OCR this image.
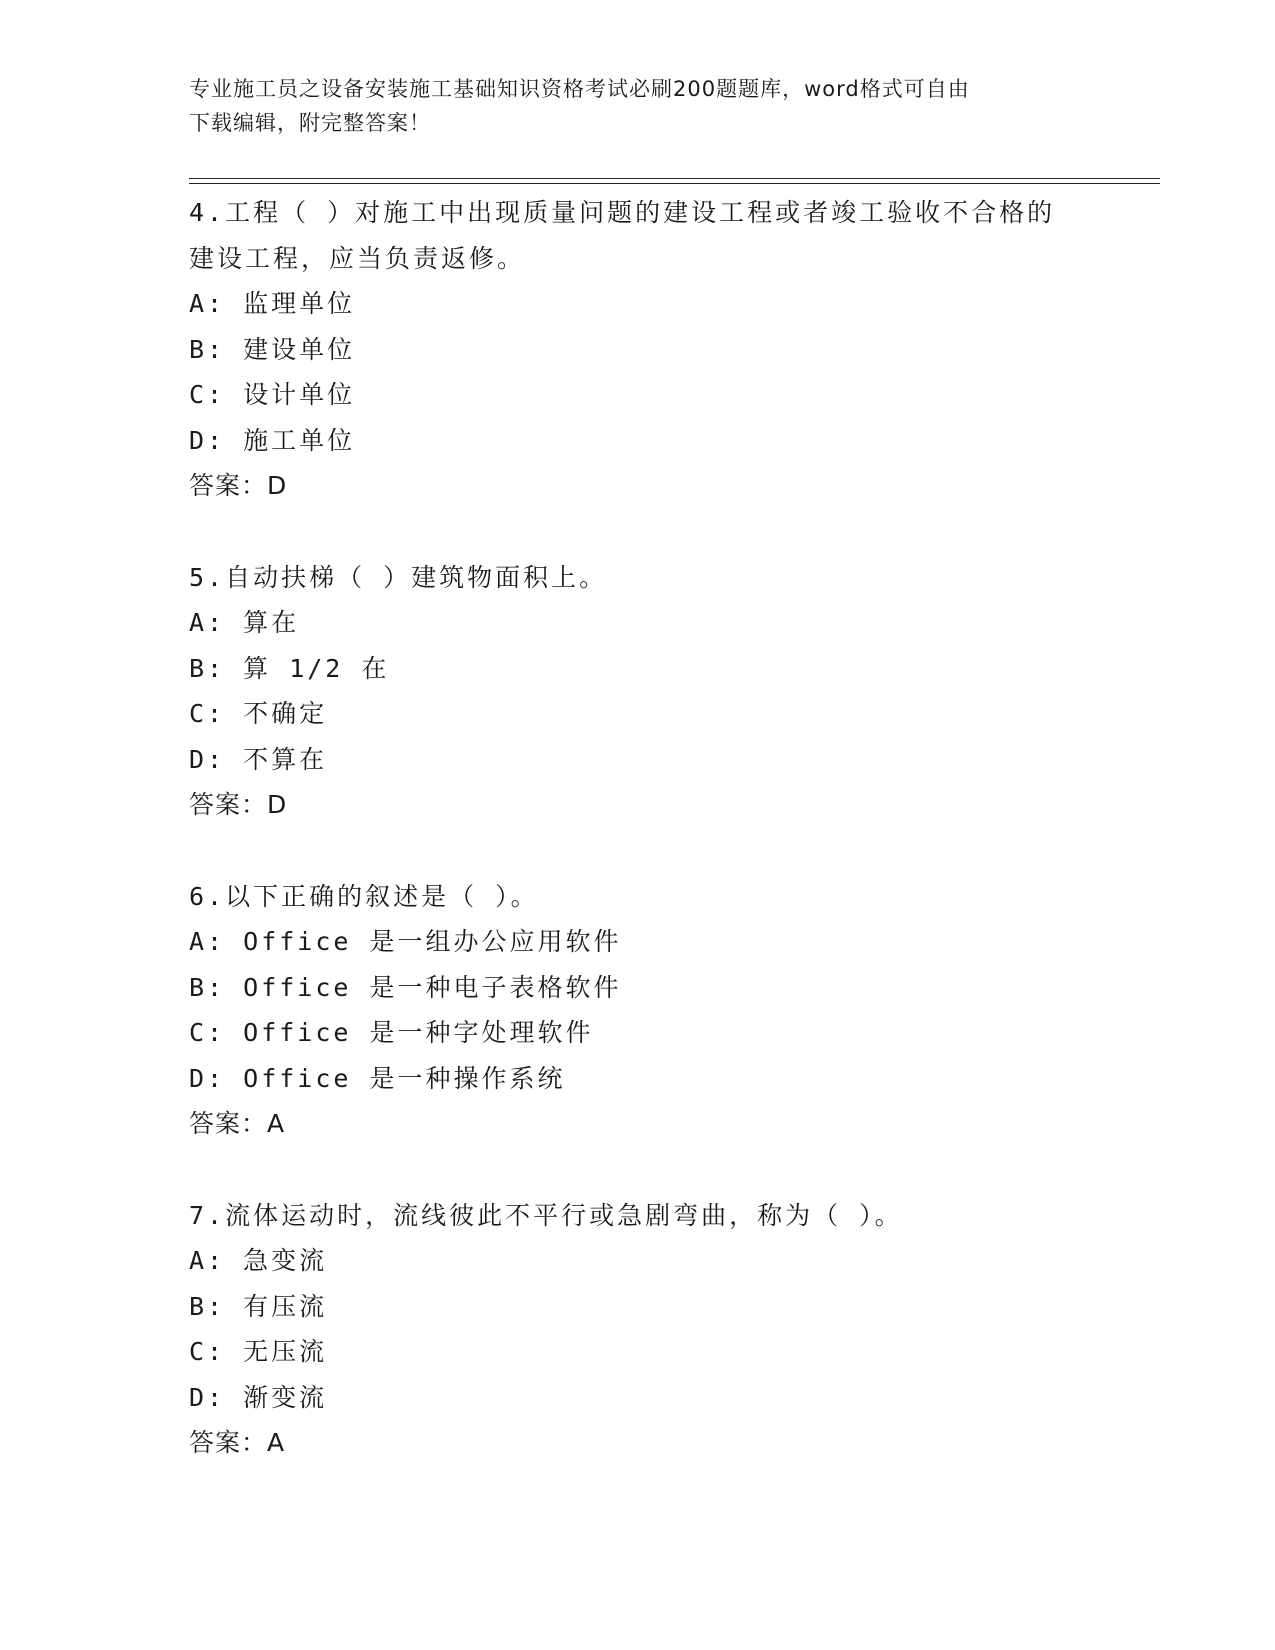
专业施工员之设备安装施工基础知识资格考试必刷200题题库，word格式可自由
下载编辑，附完整答案！
4.工程（ ）对施工中出现质量问题的建设工程或者竣工验收不合格的
建设工程，应当负责返修。
A: 监理单位
B: 建设单位
C: 设计单位
D: 施工单位
答案：D
5.自动扶梯（ ）建筑物面积上。
A: 算在
B: 算 1/2 在
C: 不确定
D: 不算在
答案：D
6.以下正确的叙述是（ ）。
A: Office 是一组办公应用软件
B: Office 是一种电子表格软件
C: Office 是一种字处理软件
D: Office 是一种操作系统
答案：A
7.流体运动时，流线彼此不平行或急剧弯曲，称为（ ）。
A: 急变流
B: 有压流
C: 无压流
D: 渐变流
答案：A
